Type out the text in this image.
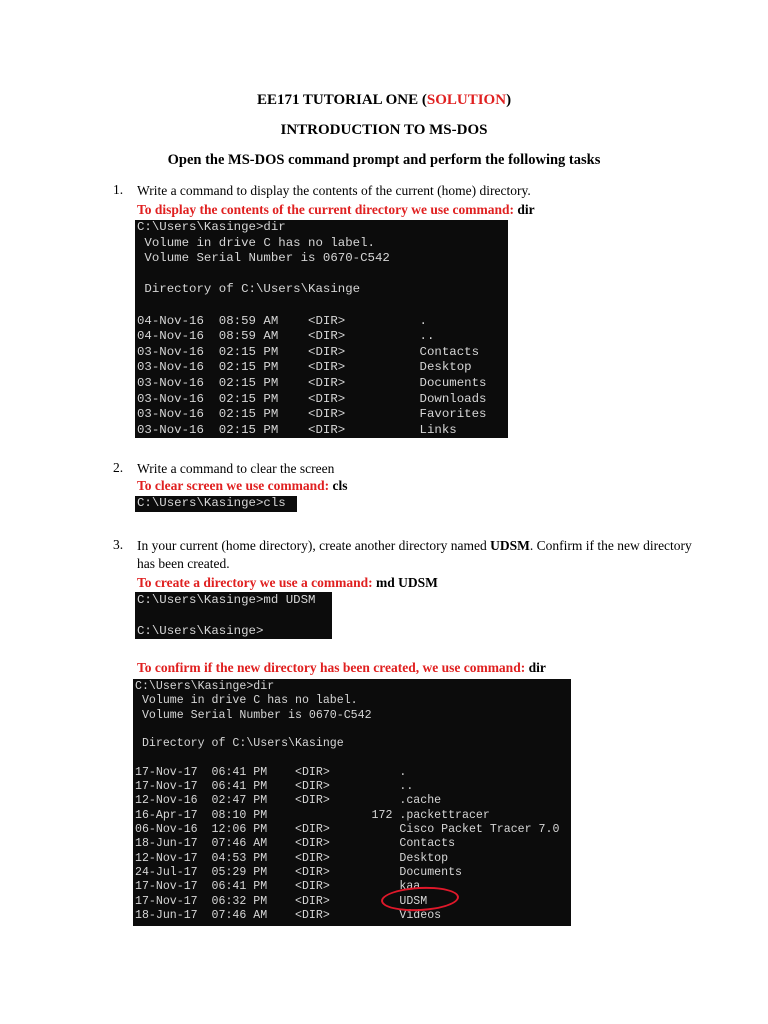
EE171 TUTORIAL ONE (SOLUTION)
INTRODUCTION TO MS-DOS
Open the MS-DOS command prompt and perform the following tasks
1. Write a command to display the contents of the current (home) directory.
To display the contents of the current directory we use command: dir
C:\Users\Kasinge>dir
Volume in drive C has no label.
Volume Serial Number is 0670-C542
Directory of C:\Users\Kasinge
04-Nov-16  08:59 AM    <DIR>          .
04-Nov-16  08:59 AM    <DIR>          ..
03-Nov-16  02:15 PM    <DIR>          Contacts
03-Nov-16  02:15 PM    <DIR>          Desktop
03-Nov-16  02:15 PM    <DIR>          Documents
03-Nov-16  02:15 PM    <DIR>          Downloads
03-Nov-16  02:15 PM    <DIR>          Favorites
03-Nov-16  02:15 PM    <DIR>          Links
2. Write a command to clear the screen
To clear screen we use command: cls
C:\Users\Kasinge>cls
3. In your current (home directory), create another directory named UDSM. Confirm if the new directory has been created.
To create a directory we use a command: md UDSM
C:\Users\Kasinge>md UDSM
C:\Users\Kasinge>
To confirm if the new directory has been created, we use command: dir
C:\Users\Kasinge>dir
Volume in drive C has no label.
Volume Serial Number is 0670-C542
Directory of C:\Users\Kasinge
17-Nov-17  06:41 PM    <DIR>          .
17-Nov-17  06:41 PM    <DIR>          ..
12-Nov-16  02:47 PM    <DIR>          .cache
16-Apr-17  08:10 PM               172 .packettracer
06-Nov-16  12:06 PM    <DIR>          Cisco Packet Tracer 7.0
18-Jun-17  07:46 AM    <DIR>          Contacts
12-Nov-17  04:53 PM    <DIR>          Desktop
24-Jul-17  05:29 PM    <DIR>          Documents
17-Nov-17  06:41 PM    <DIR>          kaa
17-Nov-17  06:32 PM    <DIR>          UDSM
18-Jun-17  07:46 AM    <DIR>          Videos
